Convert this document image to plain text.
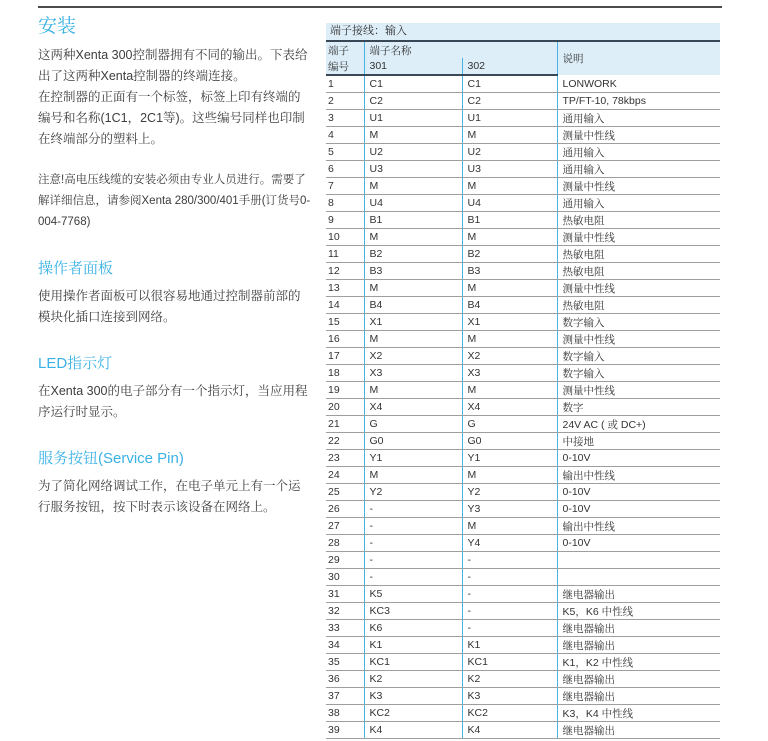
安装

这两种Xenta 300控制器拥有不同的输出。下表给出了这两种Xenta控制器的终端连接。

在控制器的正面有一个标签，标签上印有终端的编号和名称(1C1，2C1等)。这些编号同样也印制在终端部分的塑料上。

注意!高电压线缆的安装必须由专业人员进行。需要了解详细信息，请参阅Xenta 280/300/401手册(订货号0-004-7768)

操作者面板

使用操作者面板可以很容易地通过控制器前部的模块化插口连接到网络。

LED指示灯

在Xenta 300的电子部分有一个指示灯，当应用程序运行时显示。

服务按钮(Service Pin)

为了简化网络调试工作，在电子单元上有一个运行服务按钮，按下时表示该设备在网络上。

端子接线：输入
端子	端子名称		说明
编号	301	302	
1	C1	C1	LONWORK
2	C2	C2	TP/FT-10, 78kbps
3	U1	U1	通用输入
4	M	M	测量中性线
5	U2	U2	通用输入
6	U3	U3	通用输入
7	M	M	测量中性线
8	U4	U4	通用输入
9	B1	B1	热敏电阻
10	M	M	测量中性线
11	B2	B2	热敏电阻
12	B3	B3	热敏电阻
13	M	M	测量中性线
14	B4	B4	热敏电阻
15	X1	X1	数字输入
16	M	M	测量中性线
17	X2	X2	数字输入
18	X3	X3	数字输入
19	M	M	测量中性线
20	X4	X4	数字
21	G	G	24V AC ( 或 DC+)
22	G0	G0	中接地
23	Y1	Y1	0-10V
24	M	M	输出中性线
25	Y2	Y2	0-10V
26	-	Y3	0-10V
27	-	M	输出中性线
28	-	Y4	0-10V
29	-	-	
30	-	-	
31	K5	-	继电器输出
32	KC3	-	K5，K6 中性线
33	K6	-	继电器输出
34	K1	K1	继电器输出
35	KC1	KC1	K1，K2 中性线
36	K2	K2	继电器输出
37	K3	K3	继电器输出
38	KC2	KC2	K3，K4 中性线
39	K4	K4	继电器输出
